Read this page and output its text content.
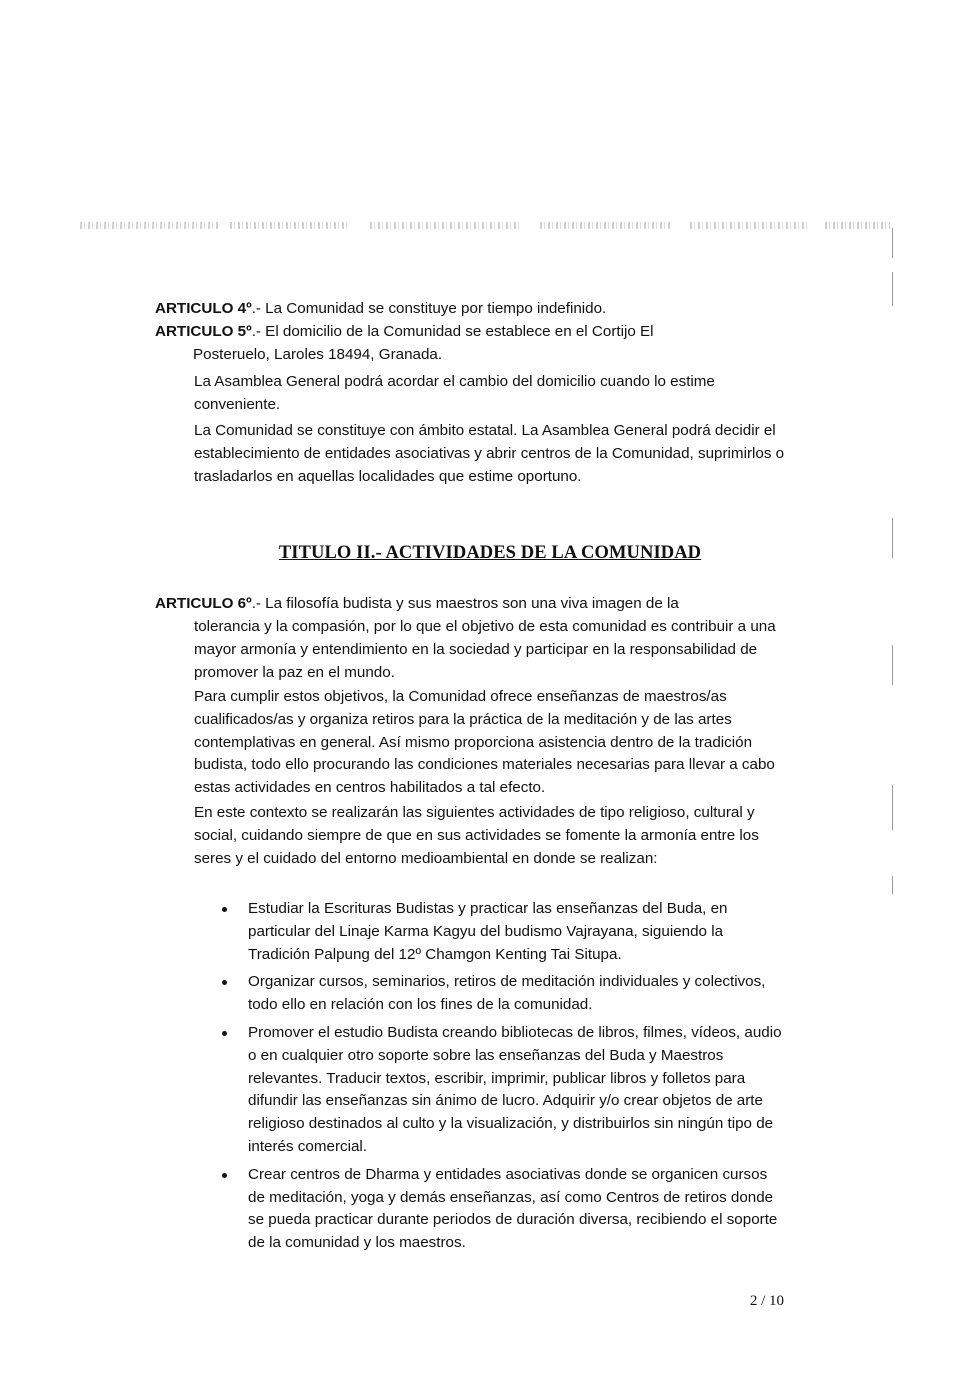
ARTICULO 4º.- La Comunidad se constituye por tiempo indefinido.
ARTICULO 5º.- El domicilio de la Comunidad se establece en el Cortijo El
Posteruelo, Laroles 18494, Granada.
La Asamblea General podrá acordar el cambio del domicilio cuando lo estime conveniente.
La Comunidad se constituye con ámbito estatal. La Asamblea General podrá decidir el establecimiento de entidades asociativas y abrir centros de la Comunidad, suprimirlos o trasladarlos en aquellas localidades que estime oportuno.
TITULO II.- ACTIVIDADES DE LA COMUNIDAD
ARTICULO 6º.- La filosofía budista y sus maestros son una viva imagen de la
tolerancia y la compasión, por lo que el objetivo de esta comunidad es contribuir a una mayor armonía y entendimiento en la sociedad y participar en la responsabilidad de promover la paz en el mundo.
Para cumplir estos objetivos, la Comunidad ofrece enseñanzas de maestros/as cualificados/as y organiza retiros para la práctica de la meditación y de las artes contemplativas en general. Así mismo proporciona asistencia dentro de la tradición budista, todo ello procurando las condiciones materiales necesarias para llevar a cabo estas actividades en centros habilitados a tal efecto.
En este contexto se realizarán las siguientes actividades de tipo religioso, cultural y social, cuidando siempre de que en sus actividades se fomente la armonía entre los seres y el cuidado del entorno medioambiental en donde se realizan:
Estudiar la Escrituras Budistas y practicar las enseñanzas del Buda, en particular del Linaje Karma Kagyu del budismo Vajrayana, siguiendo la Tradición Palpung del 12º Chamgon Kenting Tai Situpa.
Organizar cursos, seminarios, retiros de meditación individuales y colectivos, todo ello en relación con los fines de la comunidad.
Promover el estudio Budista creando bibliotecas de libros, filmes, vídeos, audio o en cualquier otro soporte sobre las enseñanzas del Buda y Maestros relevantes. Traducir textos, escribir, imprimir, publicar libros y folletos para difundir las enseñanzas sin ánimo de lucro. Adquirir y/o crear objetos de arte religioso destinados al culto y la visualización, y distribuirlos sin ningún tipo de interés comercial.
Crear centros de Dharma y entidades asociativas donde se organicen cursos de meditación, yoga y demás enseñanzas, así como Centros de retiros donde se pueda practicar durante periodos de duración diversa, recibiendo el soporte de la comunidad y los maestros.
2 / 10
